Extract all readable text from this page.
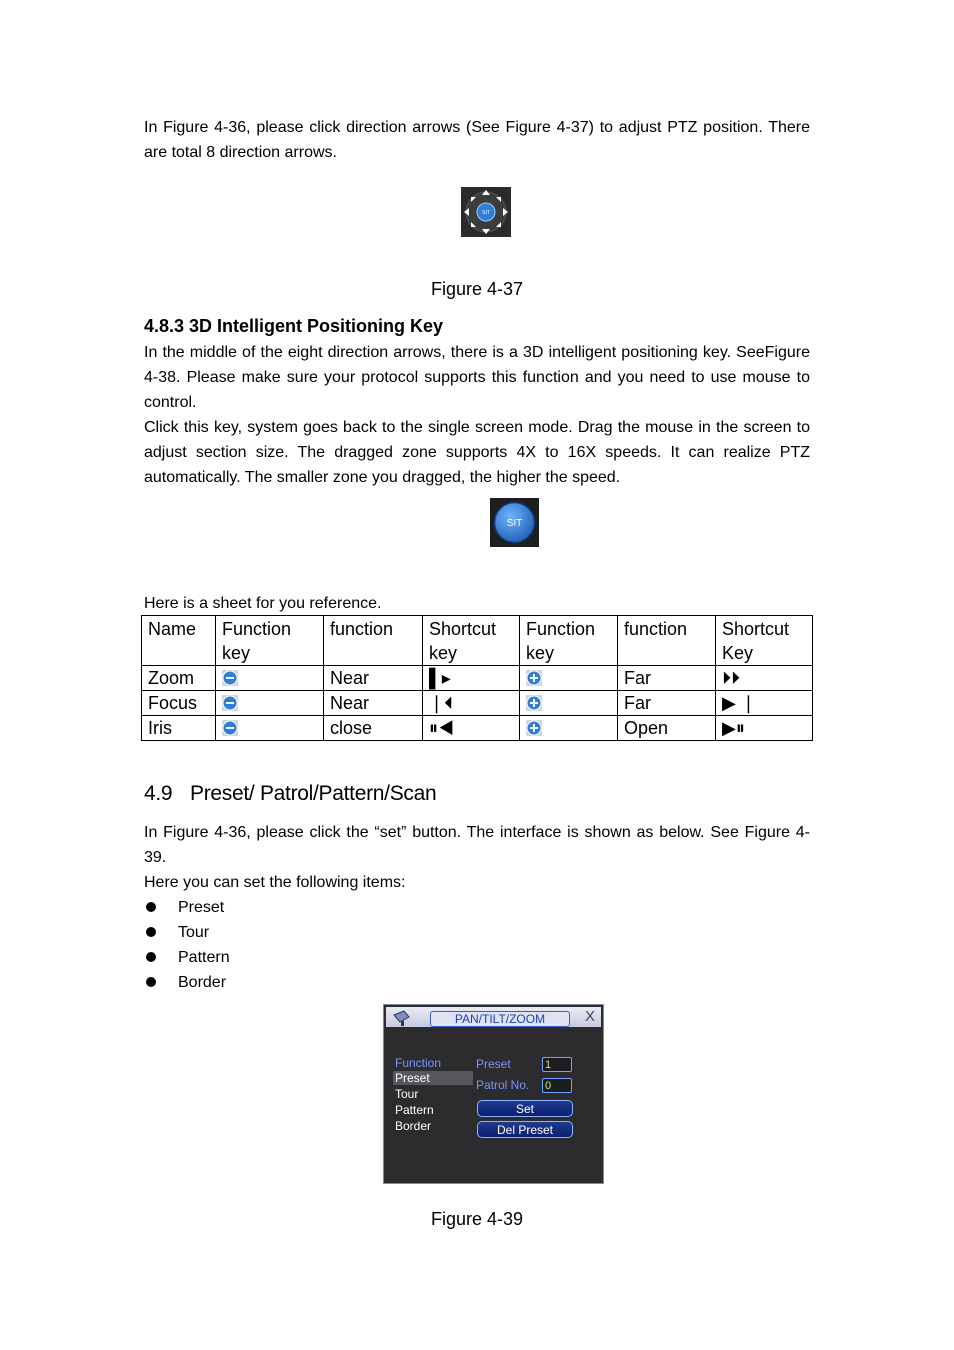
In Figure 4-36, please click direction arrows (See Figure 4-37) to adjust PTZ position. There are total 8 direction arrows.
SIT
Figure 4-37
4.8.3 3D Intelligent Positioning Key
In the middle of the eight direction arrows, there is a 3D intelligent positioning key. SeeFigure 4-38. Please make sure your protocol supports this function and you need to use mouse to control.
Click this key, system goes back to the single screen mode. Drag the mouse in the screen to adjust section size. The dragged zone supports 4X to 16X speeds. It can realize PTZ automatically. The smaller zone you dragged, the higher the speed.
SIT
Here is a sheet for you reference.
Name	Function key	function	Shortcut key	Function key	function	Shortcut Key
Zoom		Near	▌▸		Far	⏵⏵
Focus		Near	❘⏴		Far	▶ ❘
Iris		close	⏸◀		Open	▶⏸
4.9 Preset/ Patrol/Pattern/Scan
In Figure 4-36, please click the “set” button. The interface is shown as below. See Figure 4-39.
Here you can set the following items:
Preset
Tour
Pattern
Border
PAN/TILT/ZOOM	X
Function
Preset
Tour
Pattern
Border
Preset	1
Patrol No. 0
Set
Del Preset
Figure 4-39
